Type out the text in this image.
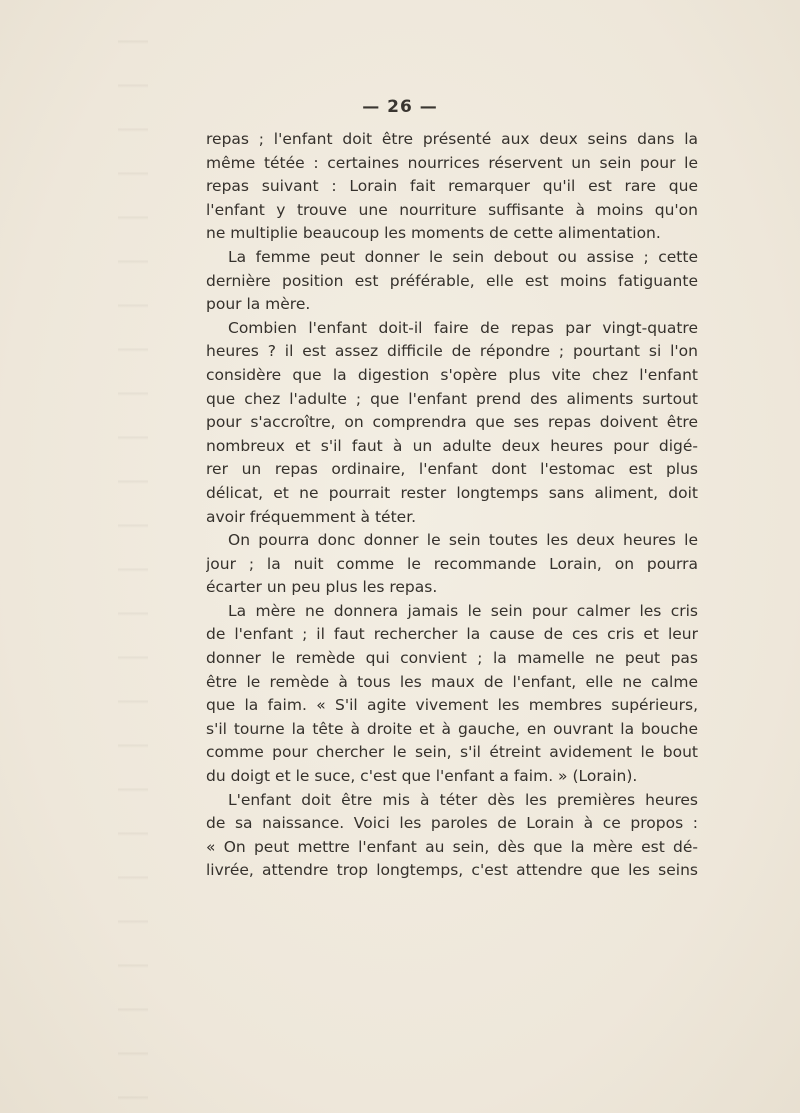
— 26 —
repas ; l'enfant doit être présenté aux deux seins dans la
même tétée : certaines nourrices réservent un sein pour le
repas suivant : Lorain fait remarquer qu'il est rare que
l'enfant y trouve une nourriture suffisante à moins qu'on
ne multiplie beaucoup les moments de cette alimentation.
La femme peut donner le sein debout ou assise ; cette
dernière position est préférable, elle est moins fatiguante
pour la mère.
Combien l'enfant doit-il faire de repas par vingt-quatre
heures ? il est assez difficile de répondre ; pourtant si l'on
considère que la digestion s'opère plus vite chez l'enfant
que chez l'adulte ; que l'enfant prend des aliments surtout
pour s'accroître, on comprendra que ses repas doivent être
nombreux et s'il faut à un adulte deux heures pour digé-
rer un repas ordinaire, l'enfant dont l'estomac est plus
délicat, et ne pourrait rester longtemps sans aliment, doit
avoir fréquemment à téter.
On pourra donc donner le sein toutes les deux heures le
jour ; la nuit comme le recommande Lorain, on pourra
écarter un peu plus les repas.
La mère ne donnera jamais le sein pour calmer les cris
de l'enfant ; il faut rechercher la cause de ces cris et leur
donner le remède qui convient ; la mamelle ne peut pas
être le remède à tous les maux de l'enfant, elle ne calme
que la faim. « S'il agite vivement les membres supérieurs,
s'il tourne la tête à droite et à gauche, en ouvrant la bouche
comme pour chercher le sein, s'il étreint avidement le bout
du doigt et le suce, c'est que l'enfant a faim. » (Lorain).
L'enfant doit être mis à téter dès les premières heures
de sa naissance. Voici les paroles de Lorain à ce propos :
« On peut mettre l'enfant au sein, dès que la mère est dé-
livrée, attendre trop longtemps, c'est attendre que les seins
